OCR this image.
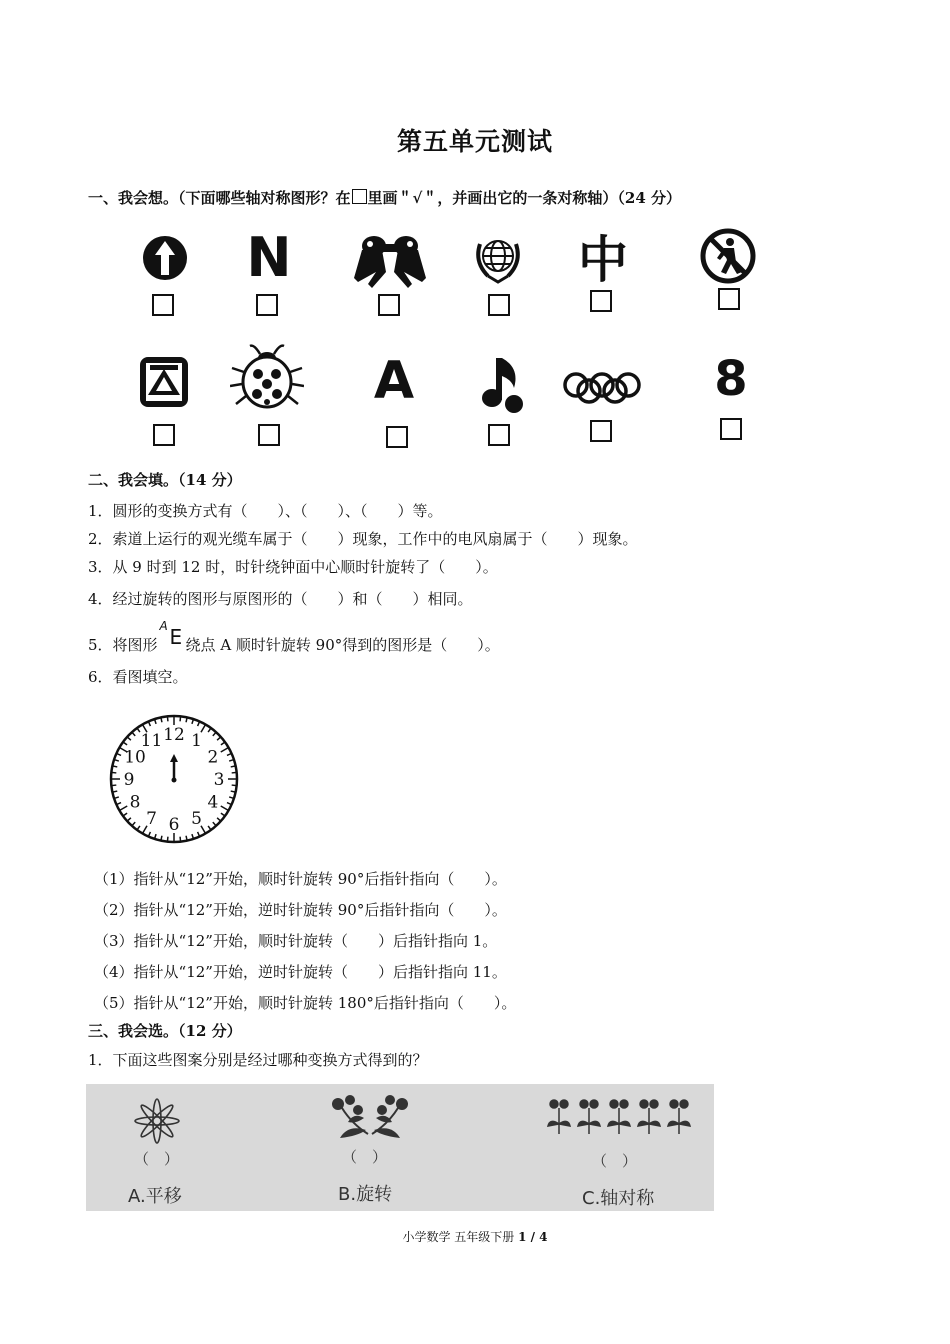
第五单元测试
一、我会想。（下面哪些轴对称图形？在 里画＂√＂，并画出它的一条对称轴）（24 分）
N	中
A	8
二、我会填。（14 分）
1．圆形的变换方式有（　　）、（　　）、（　　）等。
2．索道上运行的观光缆车属于（　　）现象，工作中的电风扇属于（　　）现象。
3．从 9 时到 12 时，时针绕钟面中心顺时针旋转了（　　）。
4．经过旋转的图形与原图形的（　　）和（　　）相同。
5．将图形
A E 绕点 A 顺时针旋转 90°得到的图形是（　　）。
6．看图填空。
12 1
2
3
4
5
6
7
8
9
10
11
（1）指针从“12”开始，顺时针旋转 90°后指针指向（　　）。
（2）指针从“12”开始，逆时针旋转 90°后指针指向（　　）。
（3）指针从“12”开始，顺时针旋转（　　）后指针指向 1。
（4）指针从“12”开始，逆时针旋转（　　）后指针指向 11。
（5）指针从“12”开始，顺时针旋转 180°后指针指向（　　）。
三、我会选。（12 分）
1．下面这些图案分别是经过哪种变换方式得到的？
（　）	（　）	（　）
A.平移	B.旋转	C.轴对称
小学数学 五年级下册 1 / 4
